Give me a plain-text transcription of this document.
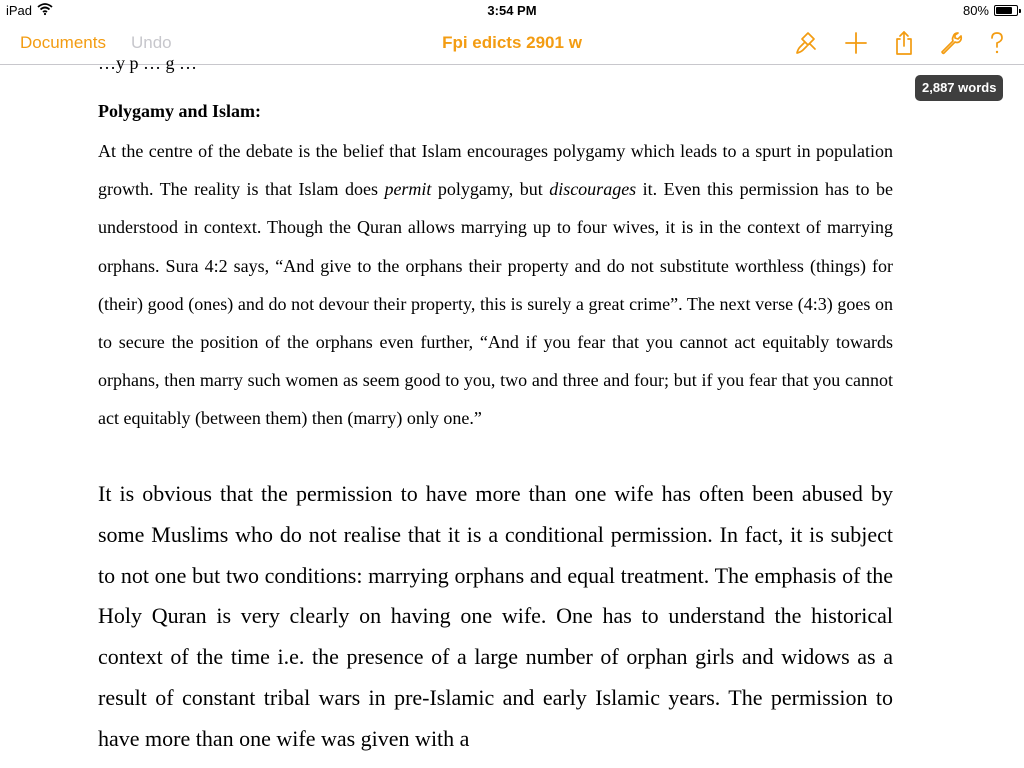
iPad	3:54 PM	80%
Documents Undo	Fpi edicts 2901 w
2,887 words
…y p … g …
Polygamy and Islam:

At the centre of the debate is the belief that Islam encourages polygamy which leads to a spurt in population growth. The reality is that Islam does permit polygamy, but discourages it. Even this permission has to be understood in context. Though the Quran allows marrying up to four wives, it is in the context of marrying orphans. Sura 4:2 says, “And give to the orphans their property and do not substitute worthless (things) for (their) good (ones) and do not devour their property, this is surely a great crime”. The next verse (4:3) goes on to secure the position of the orphans even further, “And if you fear that you cannot act equitably towards orphans, then marry such women as seem good to you, two and three and four; but if you fear that you cannot act equitably (between them) then (marry) only one.”

It is obvious that the permission to have more than one wife has often been abused by some Muslims who do not realise that it is a conditional permission. In fact, it is subject to not one but two conditions: marrying orphans and equal treatment. The emphasis of the Holy Quran is very clearly on having one wife. One has to understand the historical context of the time i.e. the presence of a large number of orphan girls and widows as a result of constant tribal wars in pre-Islamic and early Islamic years. The permission to have more than one wife was given with a
